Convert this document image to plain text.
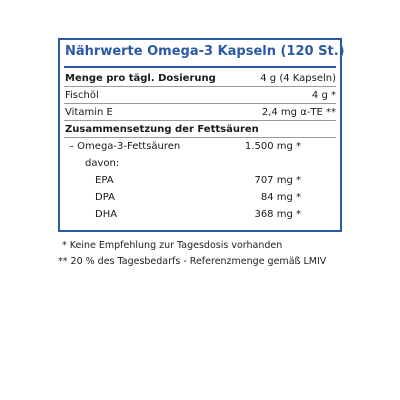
Nährwerte Omega-3 Kapseln (120 St.)
Menge pro tägl. Dosierung	4 g (4 Kapseln)
Fischöl	4 g *
Vitamin E	2,4 mg α-TE **
Zusammensetzung der Fettsäuren
– Omega-3-Fettsäuren	1.500 mg *
davon:
EPA	707 mg *
DPA	84 mg *
DHA	368 mg *
* Keine Empfehlung zur Tagesdosis vorhanden
** 20 % des Tagesbedarfs - Referenzmenge gemäß LMIV
